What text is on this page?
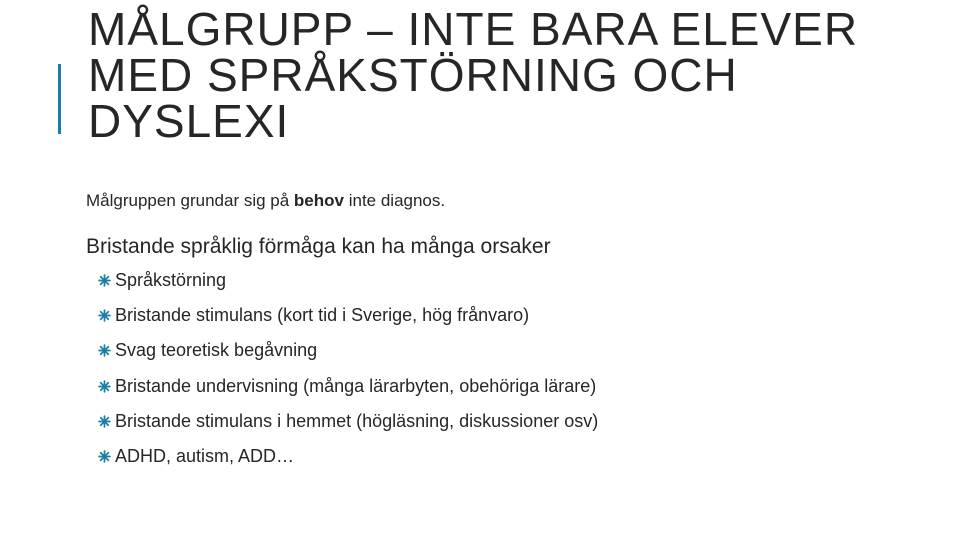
MÅLGRUPP – INTE BARA ELEVER MED SPRÅKSTÖRNING OCH DYSLEXI
Målgruppen grundar sig på behov inte diagnos.
Bristande språklig förmåga kan ha många orsaker
Språkstörning
Bristande stimulans (kort tid i Sverige, hög frånvaro)
Svag teoretisk begåvning
Bristande undervisning (många lärarbyten, obehöriga lärare)
Bristande stimulans i hemmet (högläsning, diskussioner osv)
ADHD, autism, ADD…
